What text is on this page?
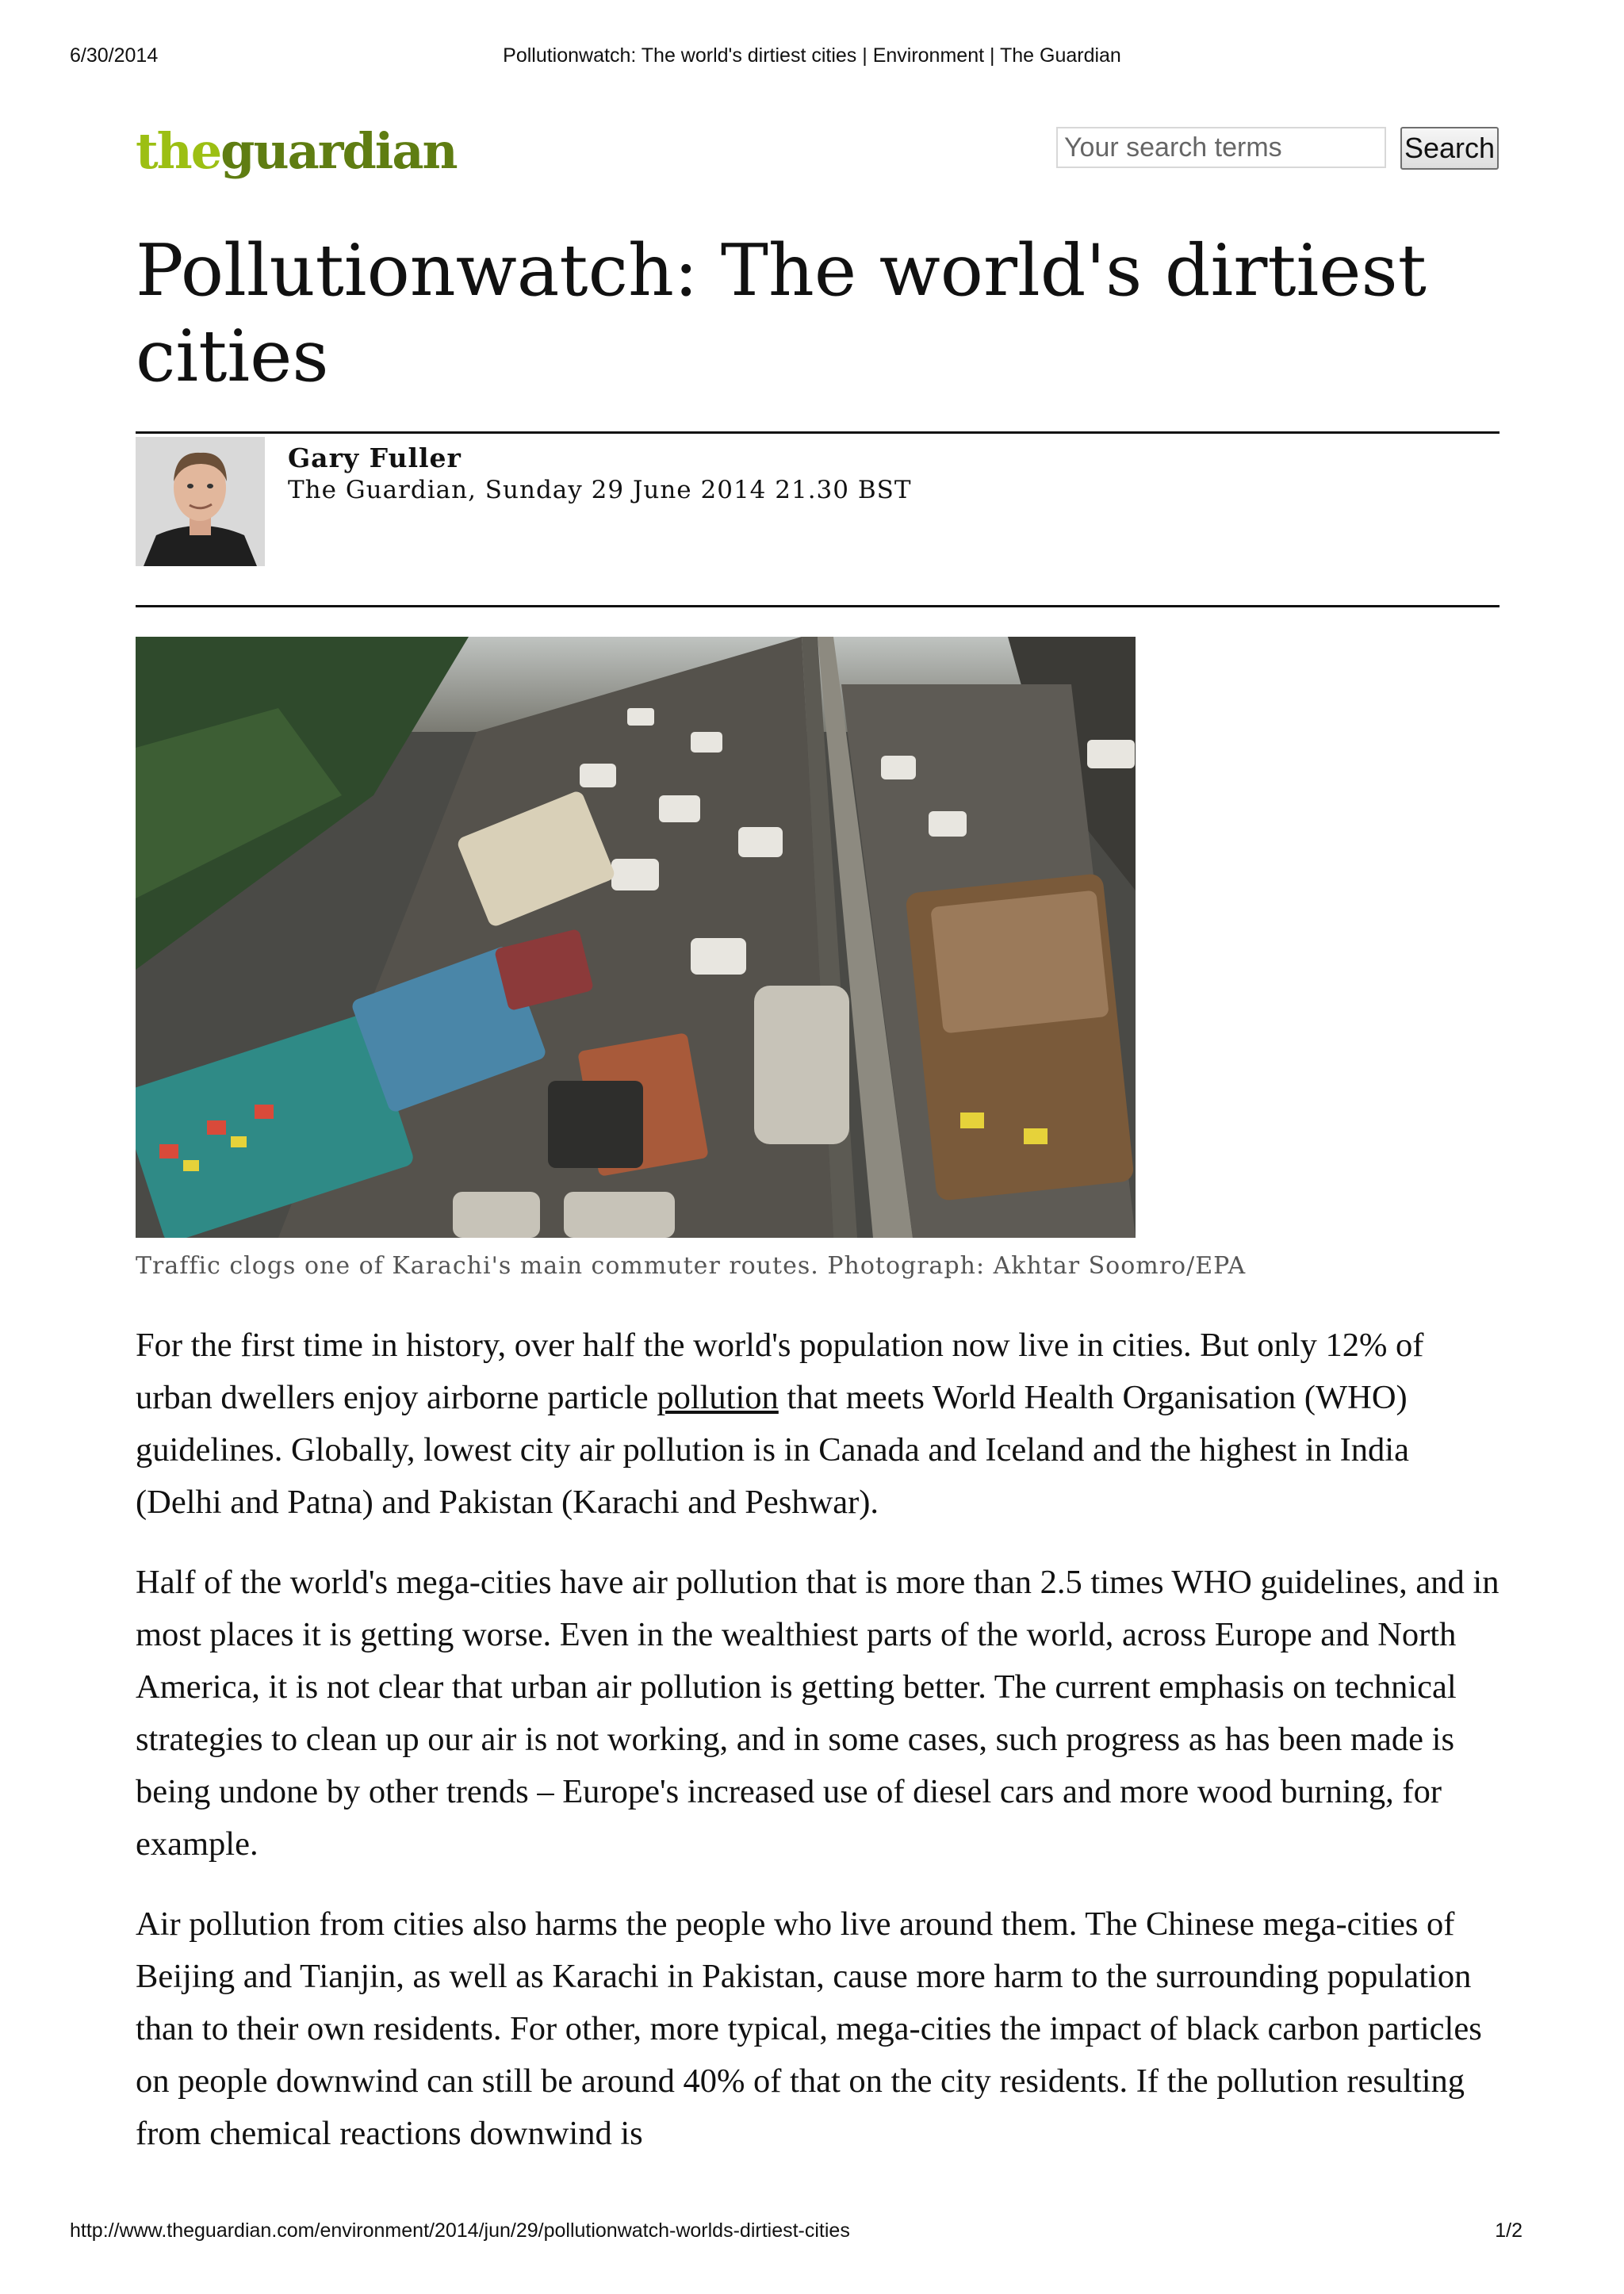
6/30/2014	Pollutionwatch: The world's dirtiest cities | Environment | The Guardian
theguardian
Your search terms	Search
Pollutionwatch: The world's dirtiest cities
Gary Fuller
The Guardian, Sunday 29 June 2014 21.30 BST
Traffic clogs one of Karachi's main commuter routes. Photograph: Akhtar Soomro/EPA

For the first time in history, over half the world's population now live in cities. But only 12% of urban dwellers enjoy airborne particle pollution that meets World Health Organisation (WHO) guidelines. Globally, lowest city air pollution is in Canada and Iceland and the highest in India (Delhi and Patna) and Pakistan (Karachi and Peshwar).

Half of the world's mega-cities have air pollution that is more than 2.5 times WHO guidelines, and in most places it is getting worse. Even in the wealthiest parts of the world, across Europe and North America, it is not clear that urban air pollution is getting better. The current emphasis on technical strategies to clean up our air is not working, and in some cases, such progress as has been made is being undone by other trends – Europe's increased use of diesel cars and more wood burning, for example.

Air pollution from cities also harms the people who live around them. The Chinese mega-cities of Beijing and Tianjin, as well as Karachi in Pakistan, cause more harm to the surrounding population than to their own residents. For other, more typical, mega-cities the impact of black carbon particles on people downwind can still be around 40% of that on the city residents. If the pollution resulting from chemical reactions downwind is

http://www.theguardian.com/environment/2014/jun/29/pollutionwatch-worlds-dirtiest-cities	1/2
